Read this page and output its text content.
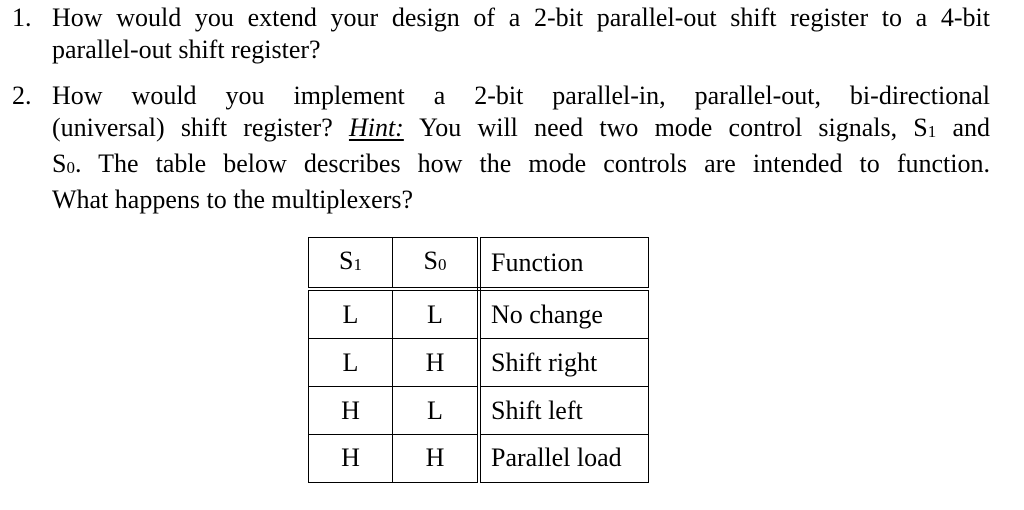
1. How would you extend your design of a 2-bit parallel-out shift register to a 4-bit
parallel-out shift register?
2. How would you implement a 2-bit parallel-in, parallel-out, bi-directional
(universal) shift register? Hint: You will need two mode control signals, S1 and
S0. The table below describes how the mode controls are intended to function.
What happens to the multiplexers?
S1	S0	Function
L	L	No change
L	H	Shift right
H	L	Shift left
H	H	Parallel load
